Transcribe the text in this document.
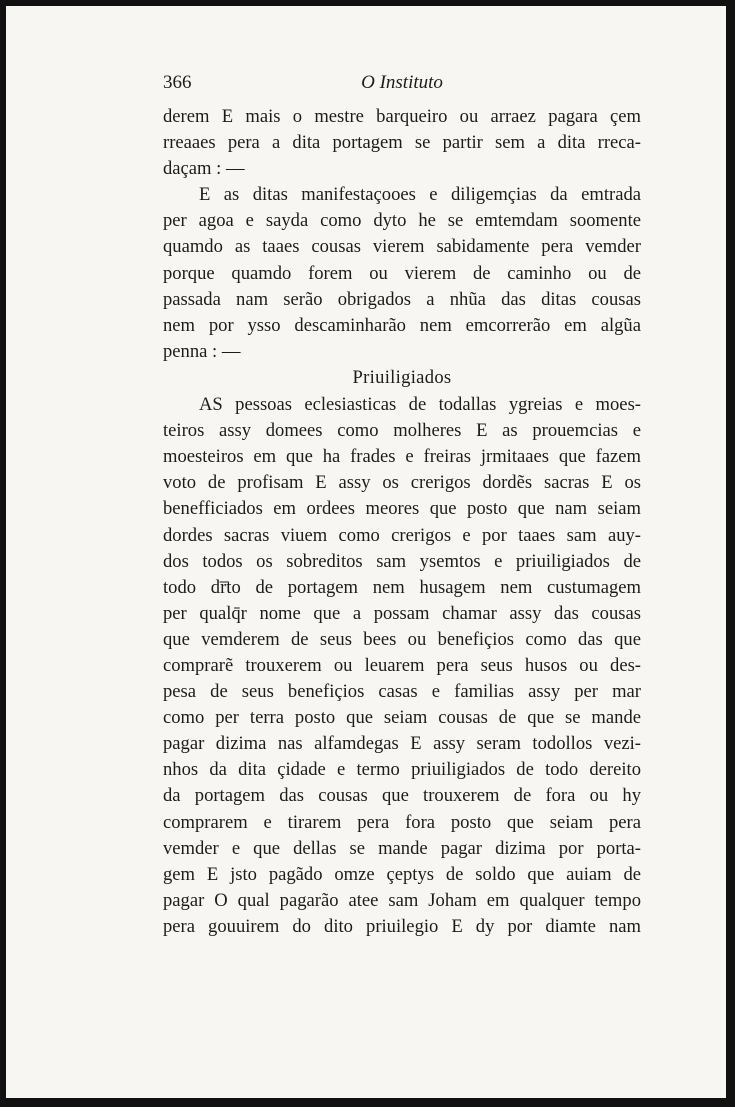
366	O Instituto
derem E mais o mestre barqueiro ou arraez pagara çem
rreaaes pera a dita portagem se partir sem a dita rreca-
daçam : —
E as ditas manifestaçooes e diligemçias da emtrada
per agoa e sayda como dyto he se emtemdam soomente
quamdo as taaes cousas vierem sabidamente pera vemder
porque quamdo forem ou vierem de caminho ou de
passada nam serão obrigados a nhũa das ditas cousas
nem por ysso descaminharão nem emcorrerão em algũa
penna : —
Priuiligiados
AS pessoas eclesiasticas de todallas ygreias e moes-
teiros assy domees como molheres E as prouemcias e
moesteiros em que ha frades e freiras jrmitaaes que fazem
voto de profisam E assy os crerigos dordẽs sacras E os
benefficiados em ordees meores que posto que nam seiam
dordes sacras viuem como crerigos e por taaes sam auy-
dos todos os sobreditos sam ysemtos e priuiligiados de
todo dr̅to de portagem nem husagem nem custumagem
per qualq̄r nome que a possam chamar assy das cousas
que vemderem de seus bees ou benefiçios como das que
comprarẽ trouxerem ou leuarem pera seus husos ou des-
pesa de seus benefiçios casas e familias assy per mar
como per terra posto que seiam cousas de que se mande
pagar dizima nas alfamdegas E assy seram todollos vezi-
nhos da dita çidade e termo priuiligiados de todo dereito
da portagem das cousas que trouxerem de fora ou hy
comprarem e tirarem pera fora posto que seiam pera
vemder e que dellas se mande pagar dizima por porta-
gem E jsto pagãdo omze çeptys de soldo que auiam de
pagar O qual pagarão atee sam Joham em qualquer tempo
pera gouuirem do dito priuilegio E dy por diamte nam
